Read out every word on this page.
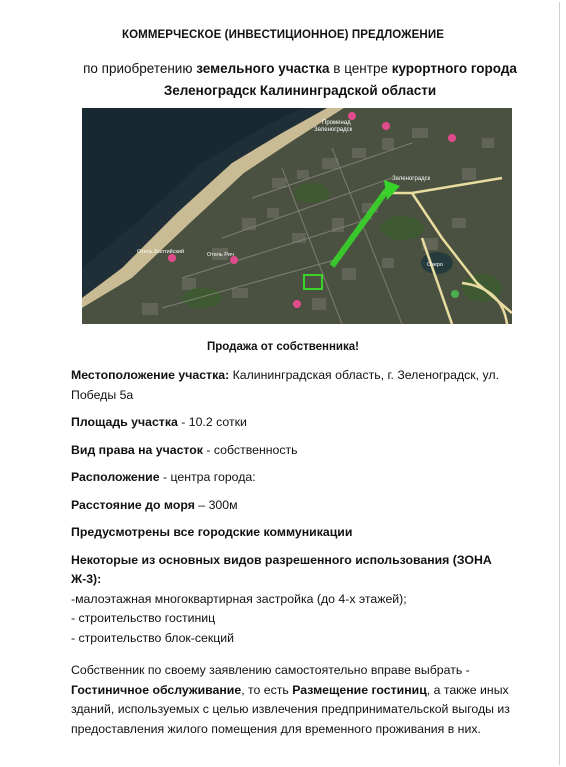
КОММЕРЧЕСКОЕ (ИНВЕСТИЦИОННОЕ) ПРЕДЛОЖЕНИЕ
по приобретению земельного участка в центре курортного города
Зеленоградск Калининградской области
Променад
Зеленоградск
Зеленоградск
Отель Балтийский	Отель Рич
Озеро
Продажа от собственника!

Местоположение участка: Калининградская область, г. Зеленоградск, ул. Победы 5а

Площадь участка - 10.2 сотки

Вид права на участок - собственность

Расположение - центра города:

Расстояние до моря – 300м

Предусмотрены все городские коммуникации

Некоторые из основных видов разрешенного использования (ЗОНА Ж-3):

-малоэтажная многоквартирная застройка (до 4-х этажей);

- строительство гостиниц

- строительство блок-секций

Собственник по своему заявлению самостоятельно вправе выбрать -
Гостиничное обслуживание, то есть Размещение гостиниц, а также иных зданий, используемых с целью извлечения предпринимательской выгоды из предоставления жилого помещения для временного проживания в них.
